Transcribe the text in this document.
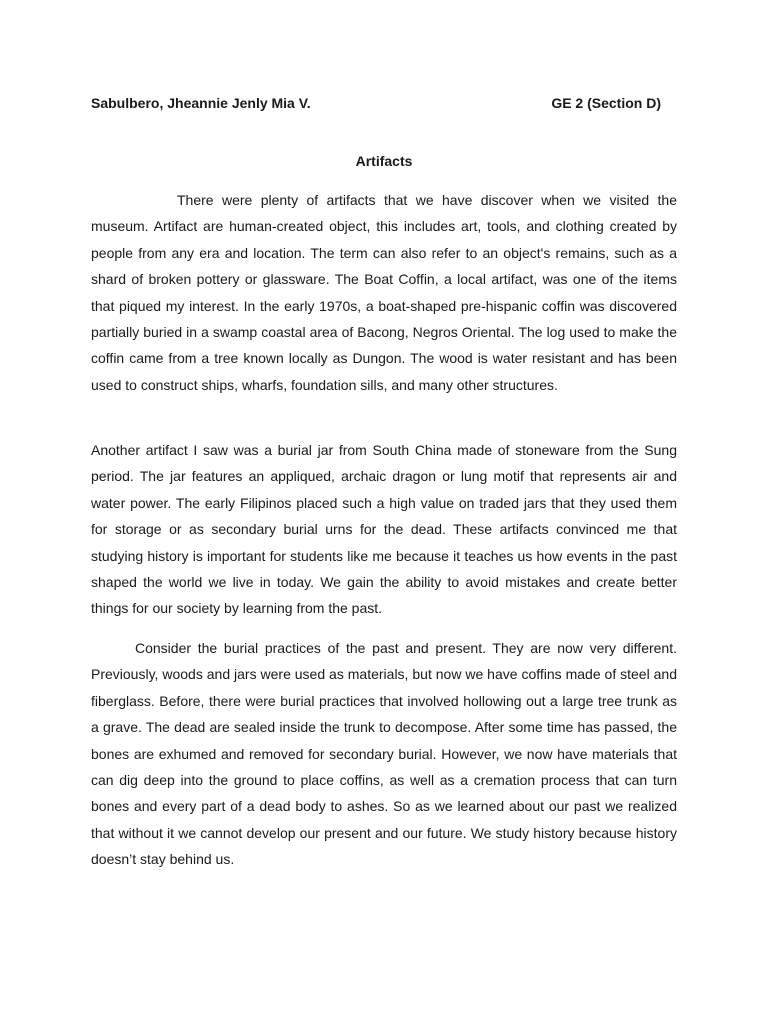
Sabulbero, Jheannie Jenly Mia V.	GE 2 (Section D)
Artifacts

There were plenty of artifacts that we have discover when we visited the museum. Artifact are human-created object, this includes art, tools, and clothing created by people from any era and location. The term can also refer to an object's remains, such as a shard of broken pottery or glassware. The Boat Coffin, a local artifact, was one of the items that piqued my interest. In the early 1970s, a boat-shaped pre-hispanic coffin was discovered partially buried in a swamp coastal area of Bacong, Negros Oriental. The log used to make the coffin came from a tree known locally as Dungon. The wood is water resistant and has been used to construct ships, wharfs, foundation sills, and many other structures.

Another artifact I saw was a burial jar from South China made of stoneware from the Sung period. The jar features an appliqued, archaic dragon or lung motif that represents air and water power. The early Filipinos placed such a high value on traded jars that they used them for storage or as secondary burial urns for the dead. These artifacts convinced me that studying history is important for students like me because it teaches us how events in the past shaped the world we live in today. We gain the ability to avoid mistakes and create better things for our society by learning from the past.

Consider the burial practices of the past and present. They are now very different. Previously, woods and jars were used as materials, but now we have coffins made of steel and fiberglass. Before, there were burial practices that involved hollowing out a large tree trunk as a grave. The dead are sealed inside the trunk to decompose. After some time has passed, the bones are exhumed and removed for secondary burial. However, we now have materials that can dig deep into the ground to place coffins, as well as a cremation process that can turn bones and every part of a dead body to ashes. So as we learned about our past we realized that without it we cannot develop our present and our future. We study history because history doesn’t stay behind us.
